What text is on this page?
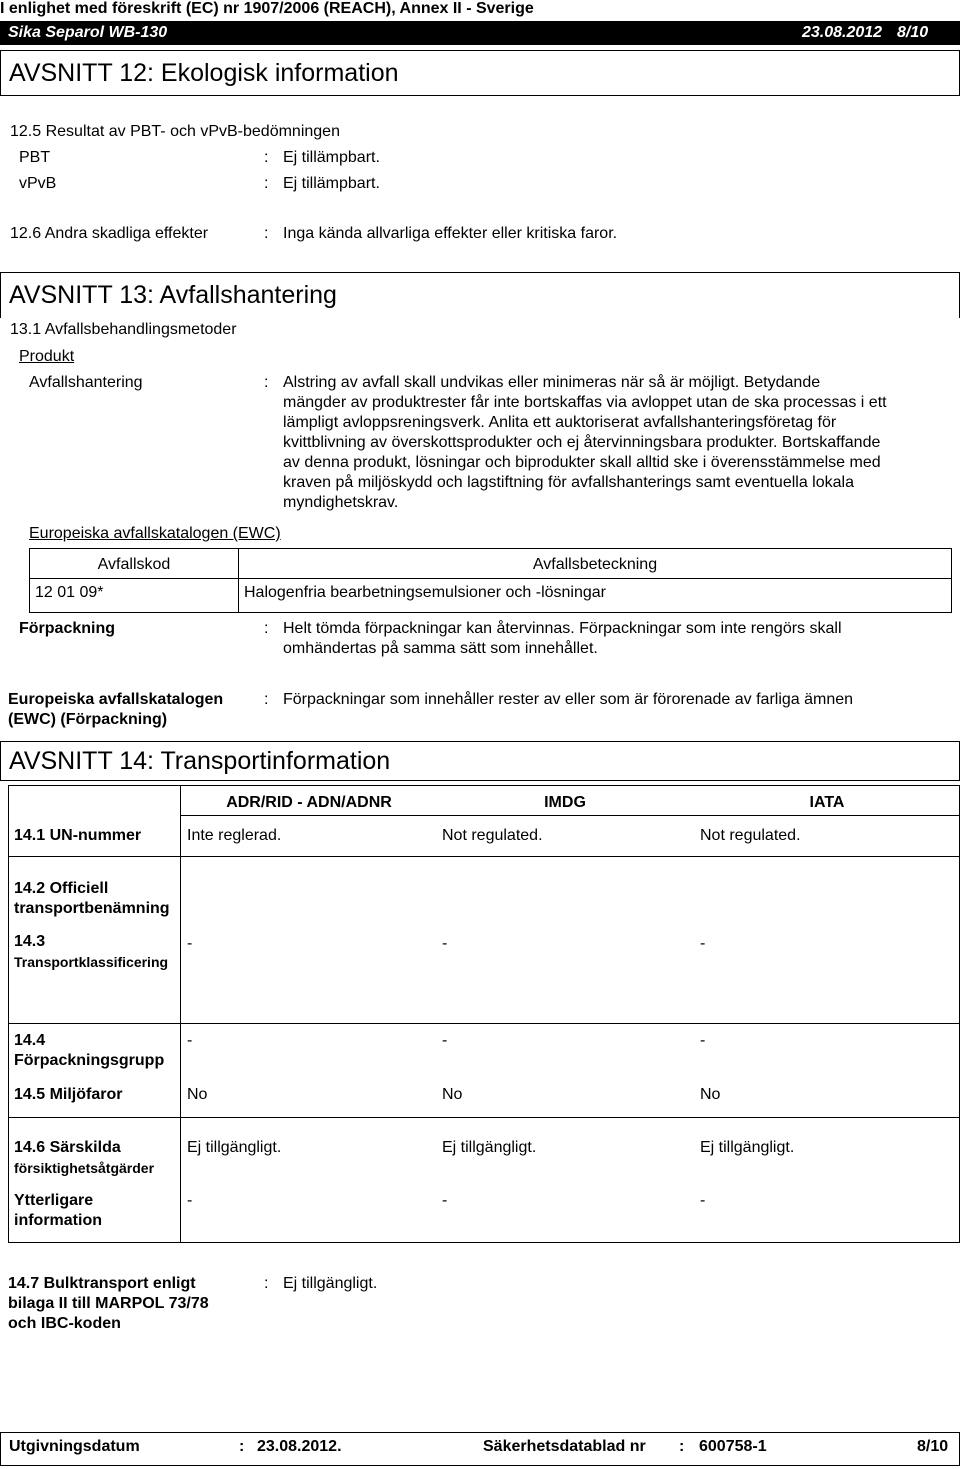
I enlighet med föreskrift (EC) nr 1907/2006 (REACH), Annex II - Sverige
Sika Separol WB-130	23.08.2012 8/10
AVSNITT 12: Ekologisk information
12.5 Resultat av PBT- och vPvB-bedömningen
PBT	: Ej tillämpbart.
vPvB	: Ej tillämpbart.
12.6 Andra skadliga effekter	: Inga kända allvarliga effekter eller kritiska faror.
AVSNITT 13: Avfallshantering
13.1 Avfallsbehandlingsmetoder
Produkt
Avfallshantering	: Alstring av avfall skall undvikas eller minimeras när så är möjligt. Betydande
mängder av produktrester får inte bortskaffas via avloppet utan de ska processas i ett
lämpligt avloppsreningsverk. Anlita ett auktoriserat avfallshanteringsföretag för
kvittblivning av överskottsprodukter och ej återvinningsbara produkter. Bortskaffande
av denna produkt, lösningar och biprodukter skall alltid ske i överensstämmelse med
kraven på miljöskydd och lagstiftning för avfallshanterings samt eventuella lokala
myndighetskrav.
Europeiska avfallskatalogen (EWC)
Avfallskod	Avfallsbeteckning
12 01 09*	Halogenfria bearbetningsemulsioner och -lösningar
Förpackning	: Helt tömda förpackningar kan återvinnas. Förpackningar som inte rengörs skall
omhändertas på samma sätt som innehållet.
Europeiska avfallskatalogen
(EWC) (Förpackning)
: Förpackningar som innehåller rester av eller som är förorenade av farliga ämnen
AVSNITT 14: Transportinformation
ADR/RID - ADN/ADNR	IMDG	IATA
14.1 UN-nummer	Inte reglerad.	Not regulated.	Not regulated.
14.2 Officiell
transportbenämning
14.3
Transportklassificering
-	-	-
14.4
Förpackningsgrupp
-	-	-
14.5 Miljöfaror	No	No	No
14.6 Särskilda
försiktighetsåtgärder
Ej tillgängligt.	Ej tillgängligt.	Ej tillgängligt.
Ytterligare
information
-	-	-
14.7 Bulktransport enligt
bilaga II till MARPOL 73/78
och IBC-koden
: Ej tillgängligt.
Utgivningsdatum	: 23.08.2012.	Säkerhetsdatablad nr : 600758-1	8/10
